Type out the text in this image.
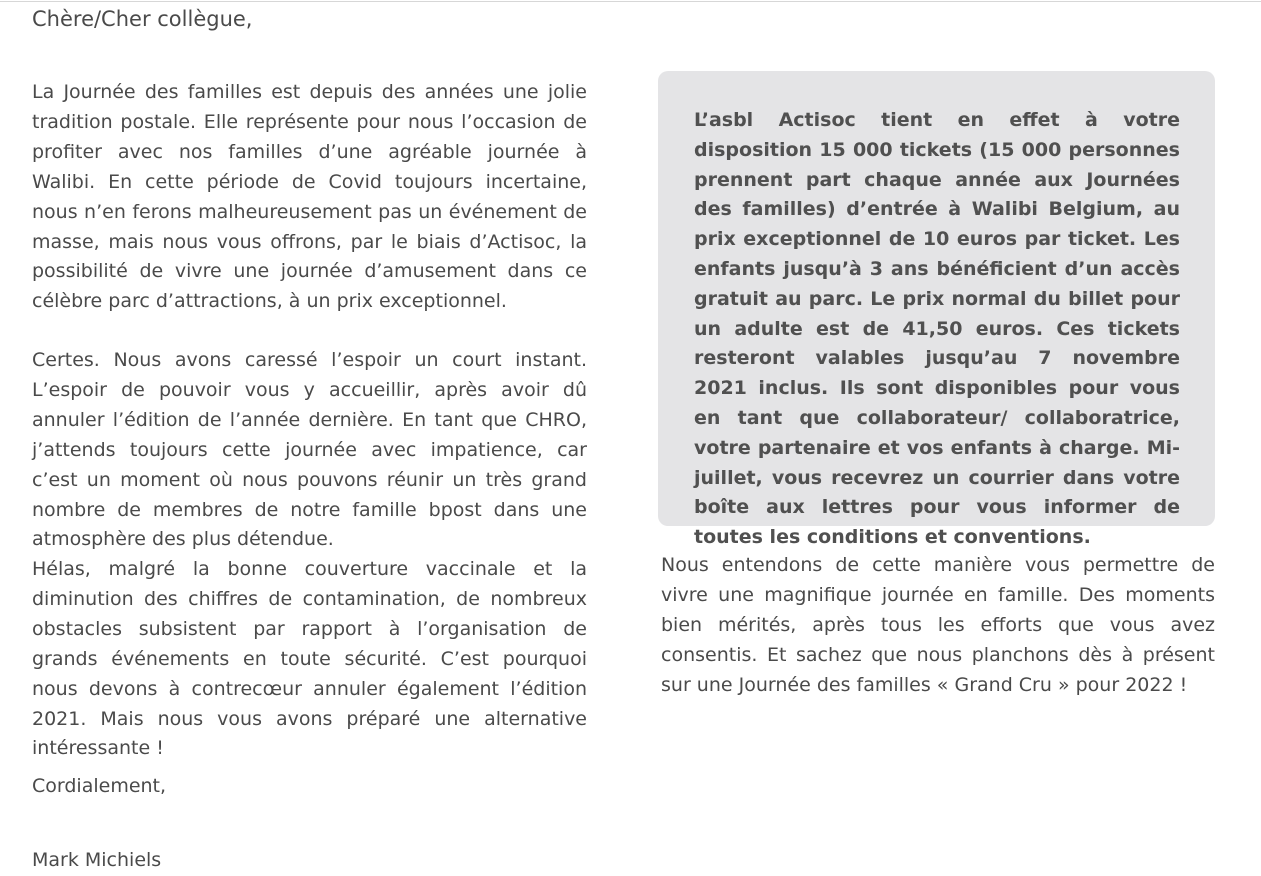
Chère/Cher collègue,

La Journée des familles est depuis des années une jolie tradition postale. Elle représente pour nous l’occasion de profiter avec nos familles d’une agréable journée à Walibi. En cette période de Covid toujours incertaine, nous n’en ferons malheureusement pas un événement de masse, mais nous vous offrons, par le biais d’Actisoc, la possibilité de vivre une journée d’amusement dans ce célèbre parc d’attractions, à un prix exceptionnel.

Certes. Nous avons caressé l’espoir un court instant. L’espoir de pouvoir vous y accueillir, après avoir dû annuler l’édition de l’année dernière. En tant que CHRO, j’attends toujours cette journée avec impatience, car c’est un moment où nous pouvons réunir un très grand nombre de membres de notre famille bpost dans une atmosphère des plus détendue.

Hélas, malgré la bonne couverture vaccinale et la diminution des chiffres de contamination, de nombreux obstacles subsistent par rapport à l’organisation de grands événements en toute sécurité. C’est pourquoi nous devons à contrecœur annuler également l’édition 2021. Mais nous vous avons préparé une alternative intéressante !

Cordialement,

Mark Michiels

L’asbl Actisoc tient en effet à votre disposition 15 000 tickets (15 000 personnes prennent part chaque année aux Journées des familles) d’entrée à Walibi Belgium, au prix exceptionnel de 10 euros par ticket. Les enfants jusqu’à 3 ans bénéficient d’un accès gratuit au parc. Le prix normal du billet pour un adulte est de 41,50 euros. Ces tickets resteront valables jusqu’au 7 novembre 2021 inclus. Ils sont disponibles pour vous en tant que collaborateur/ collaboratrice, votre partenaire et vos enfants à charge. Mi-juillet, vous recevrez un courrier dans votre boîte aux lettres pour vous informer de toutes les conditions et conventions.

Nous entendons de cette manière vous permettre de vivre une magnifique journée en famille. Des moments bien mérités, après tous les efforts que vous avez consentis. Et sachez que nous planchons dès à présent sur une Journée des familles « Grand Cru » pour 2022 !
